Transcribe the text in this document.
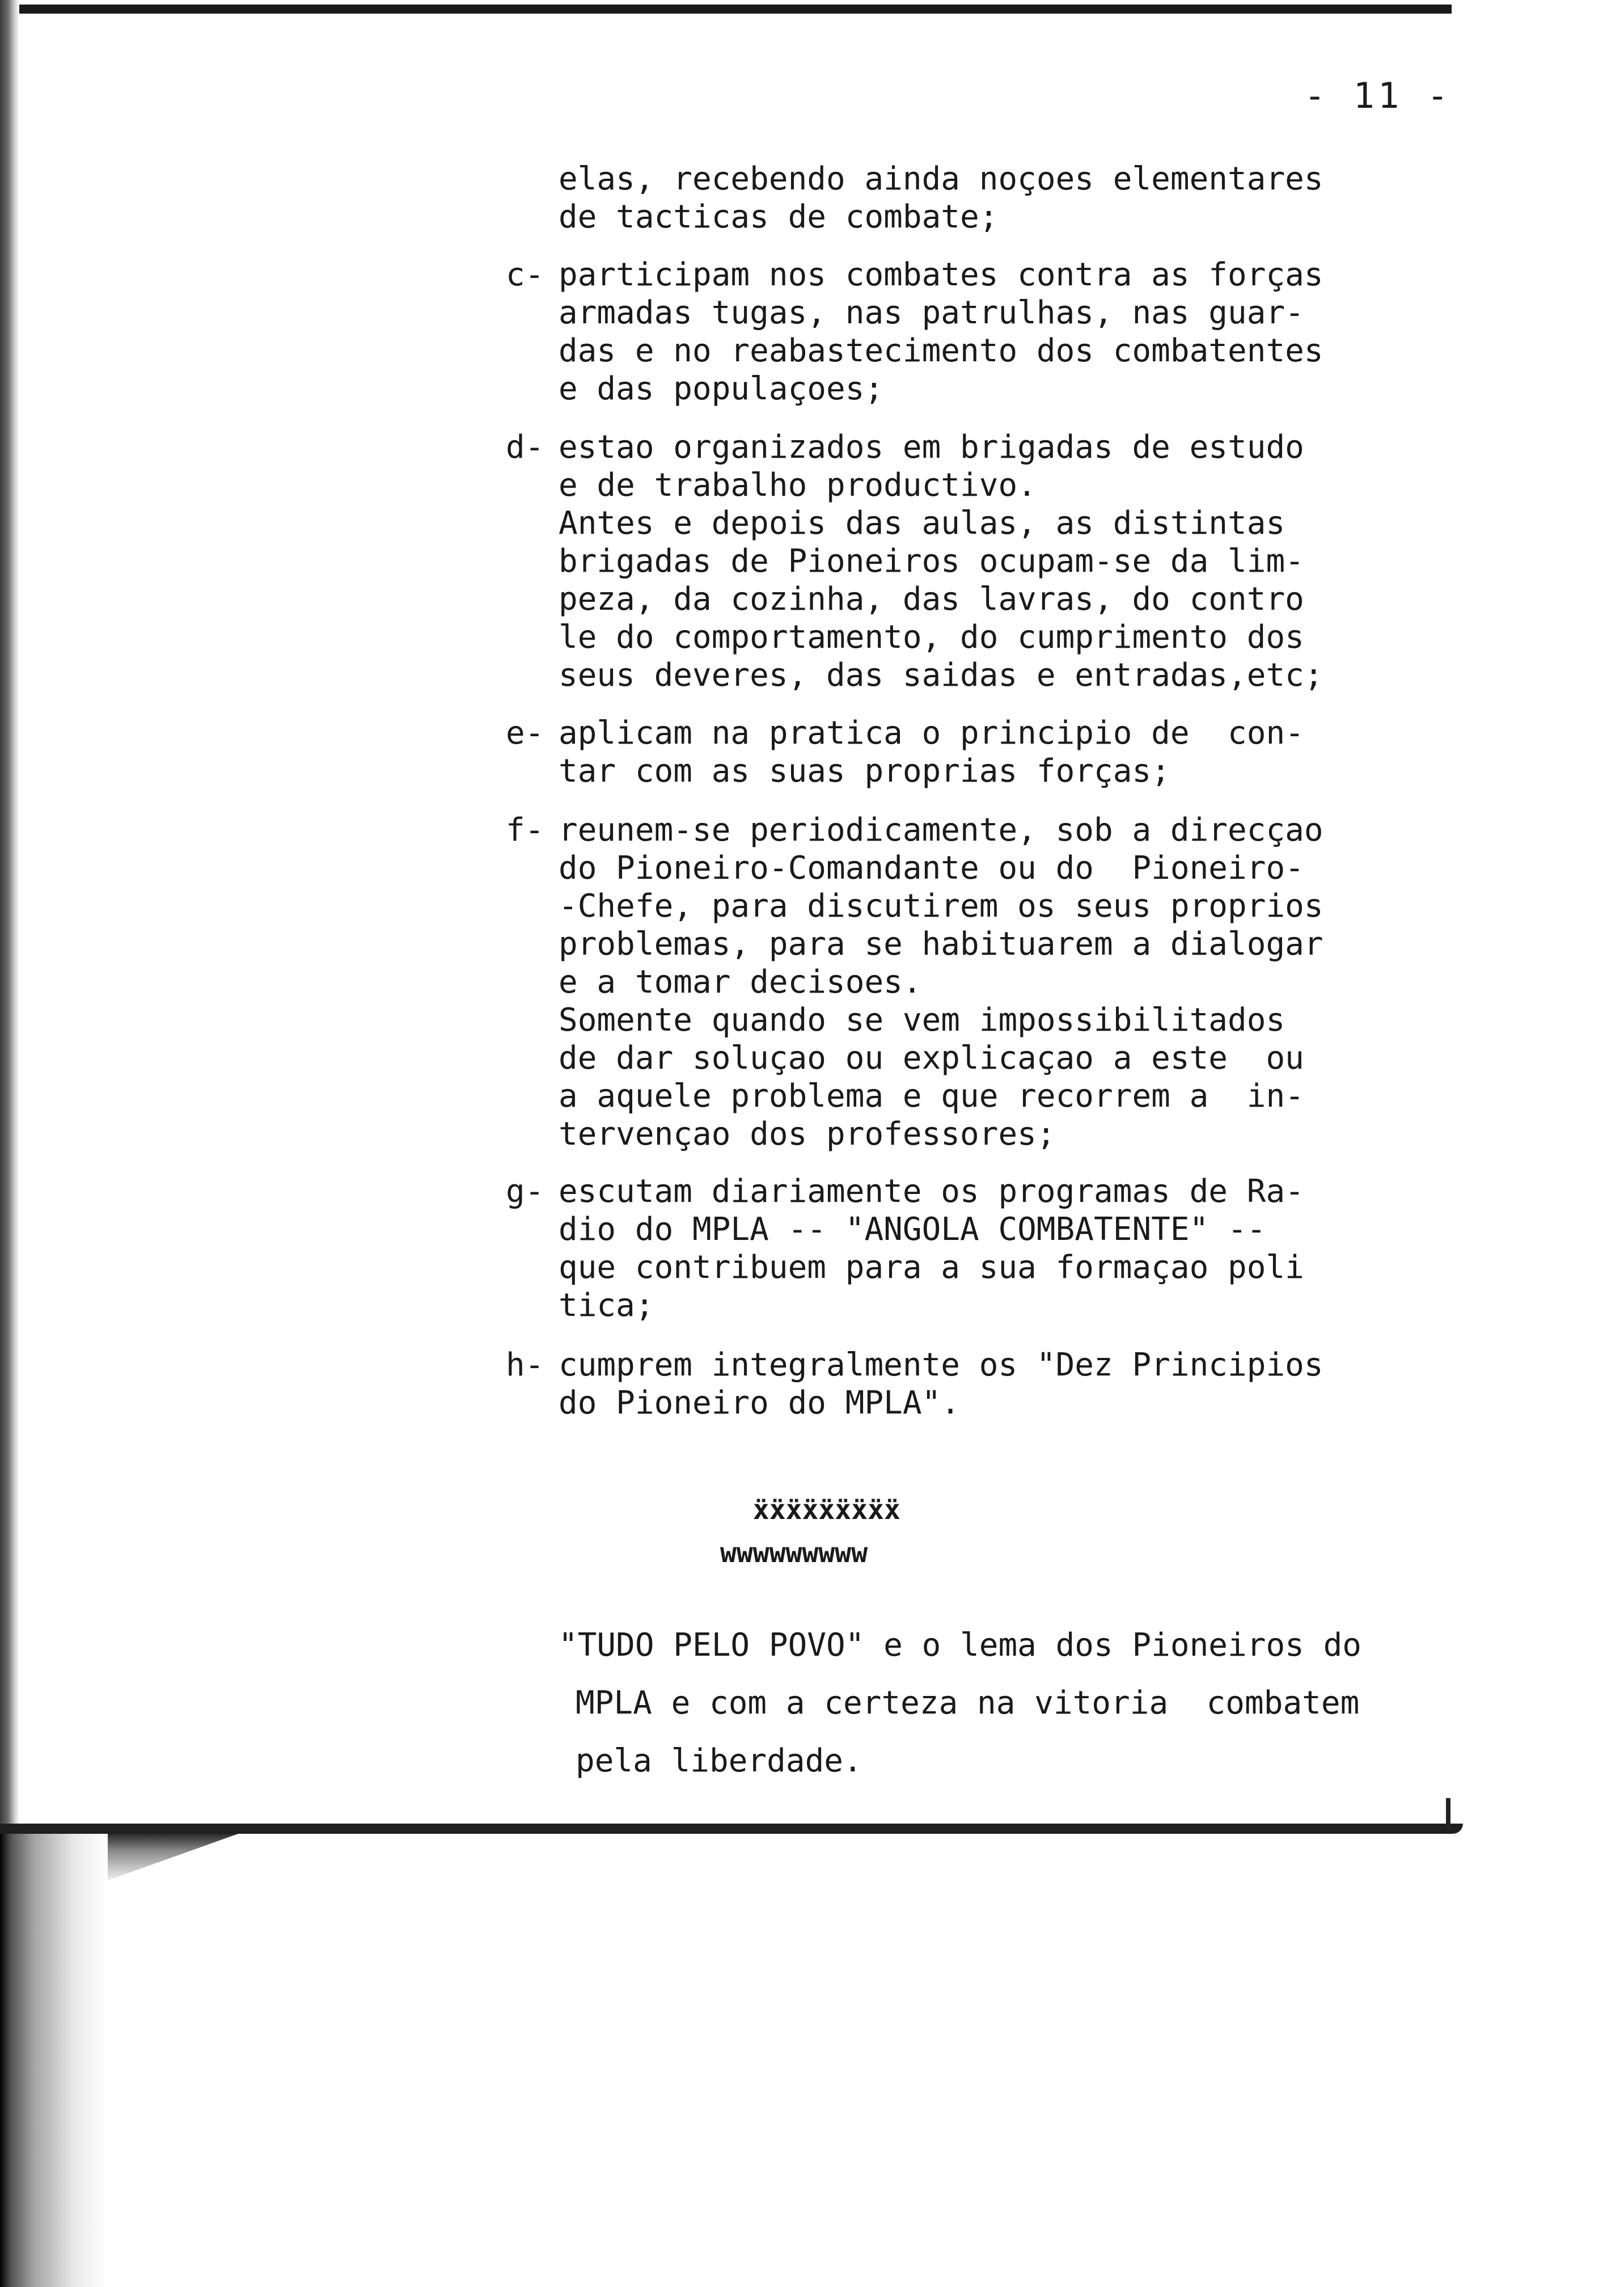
- 11 -
elas, recebendo ainda noçoes elementares
de tacticas de combate;
c- participam nos combates contra as forças
armadas tugas, nas patrulhas, nas guar-
das e no reabastecimento dos combatentes
e das populaçoes;
d- estao organizados em brigadas de estudo
e de trabalho productivo.
Antes e depois das aulas, as distintas
brigadas de Pioneiros ocupam-se da lim-
peza, da cozinha, das lavras, do contro
le do comportamento, do cumprimento dos
seus deveres, das saidas e entradas,etc;
e- aplicam na pratica o principio de  con-
tar com as suas proprias forças;
f- reunem-se periodicamente, sob a direcçao
do Pioneiro-Comandante ou do  Pioneiro-
-Chefe, para discutirem os seus proprios
problemas, para se habituarem a dialogar
e a tomar decisoes.
Somente quando se vem impossibilitados
de dar soluçao ou explicaçao a este  ou
a aquele problema e que recorrem a  in-
tervençao dos professores;
g- escutam diariamente os programas de Ra-
dio do MPLA -- "ANGOLA COMBATENTE" --
que contribuem para a sua formaçao poli
tica;
h- cumprem integralmente os "Dez Principios
do Pioneiro do MPLA".

ẍẍẍẍẍẍẍẍẍ

wwwwwwwww

"TUDO PELO POVO" e o lema dos Pioneiros do
MPLA e com a certeza na vitoria  combatem
pela liberdade.
